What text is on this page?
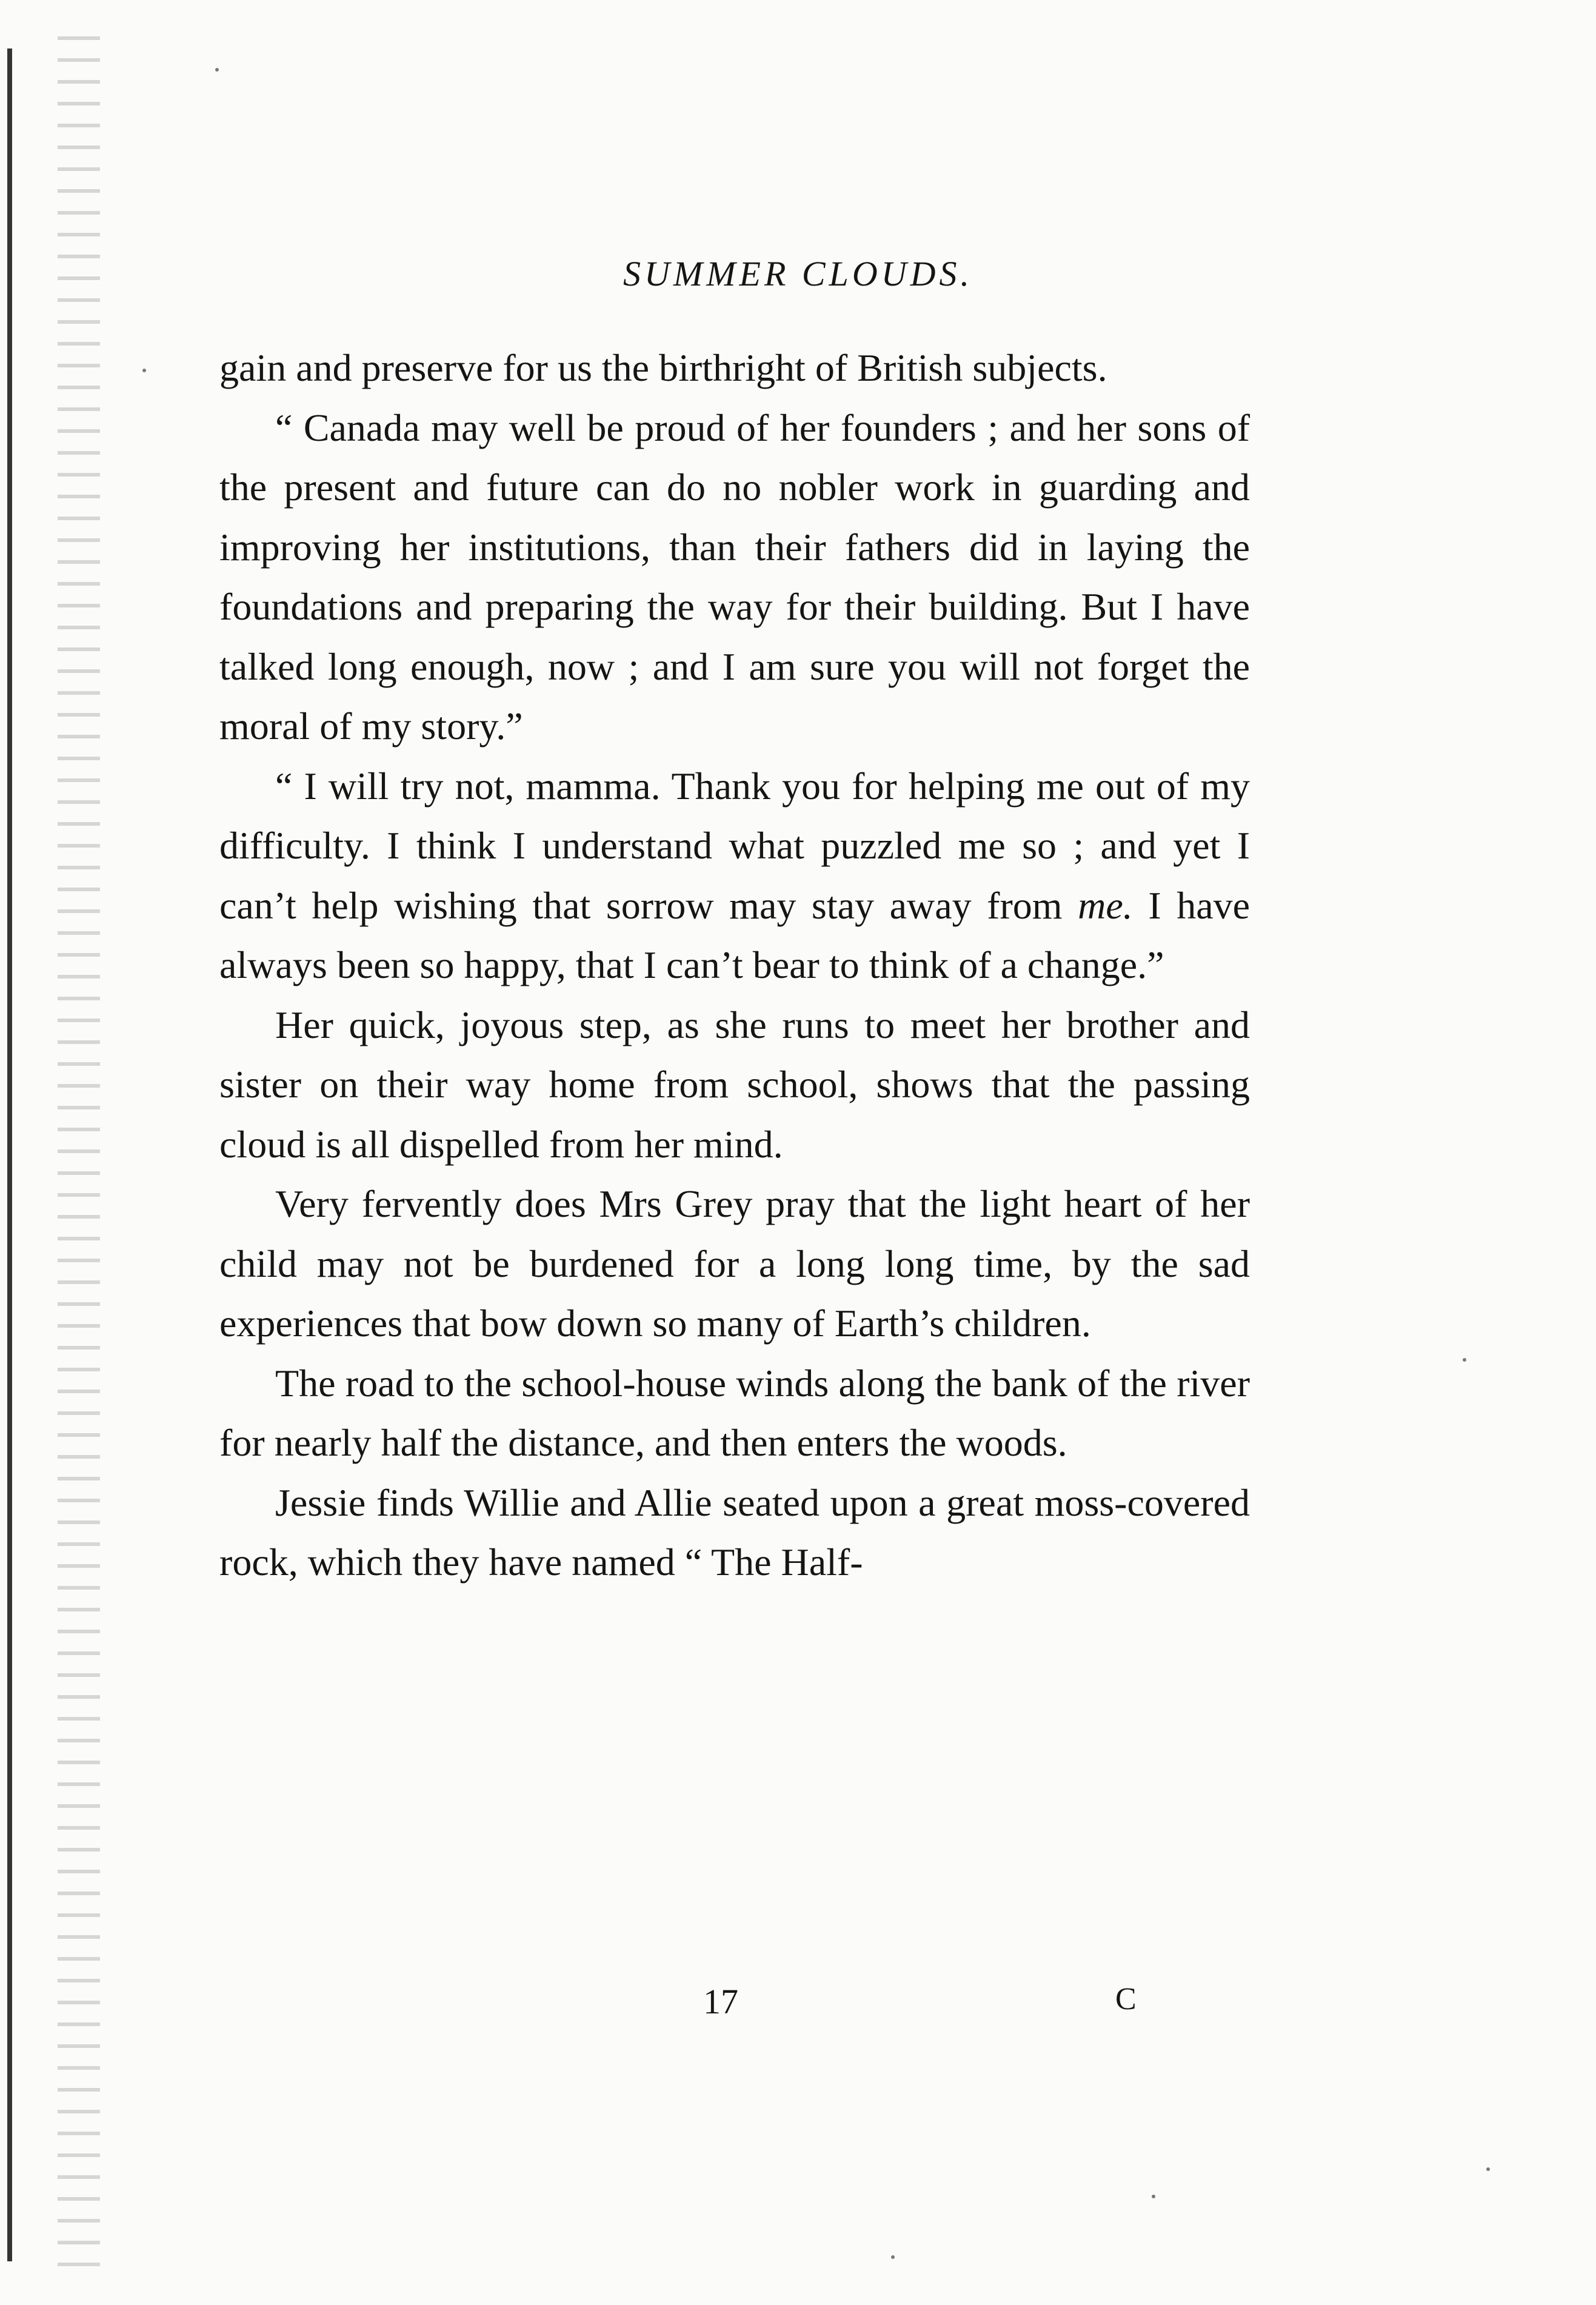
SUMMER CLOUDS.

gain and preserve for us the birthright of British subjects.

“ Canada may well be proud of her founders ; and her sons of the present and future can do no nobler work in guarding and improving her institutions, than their fathers did in laying the foundations and preparing the way for their building. But I have talked long enough, now ; and I am sure you will not forget the moral of my story.”

“ I will try not, mamma. Thank you for helping me out of my difficulty. I think I understand what puzzled me so ; and yet I can’t help wishing that sorrow may stay away from me. I have always been so happy, that I can’t bear to think of a change.”

Her quick, joyous step, as she runs to meet her brother and sister on their way home from school, shows that the passing cloud is all dispelled from her mind.

Very fervently does Mrs Grey pray that the light heart of her child may not be burdened for a long long time, by the sad experiences that bow down so many of Earth’s children.

The road to the school-house winds along the bank of the river for nearly half the distance, and then enters the woods.

Jessie finds Willie and Allie seated upon a great moss-covered rock, which they have named “ The Half-

17	C
